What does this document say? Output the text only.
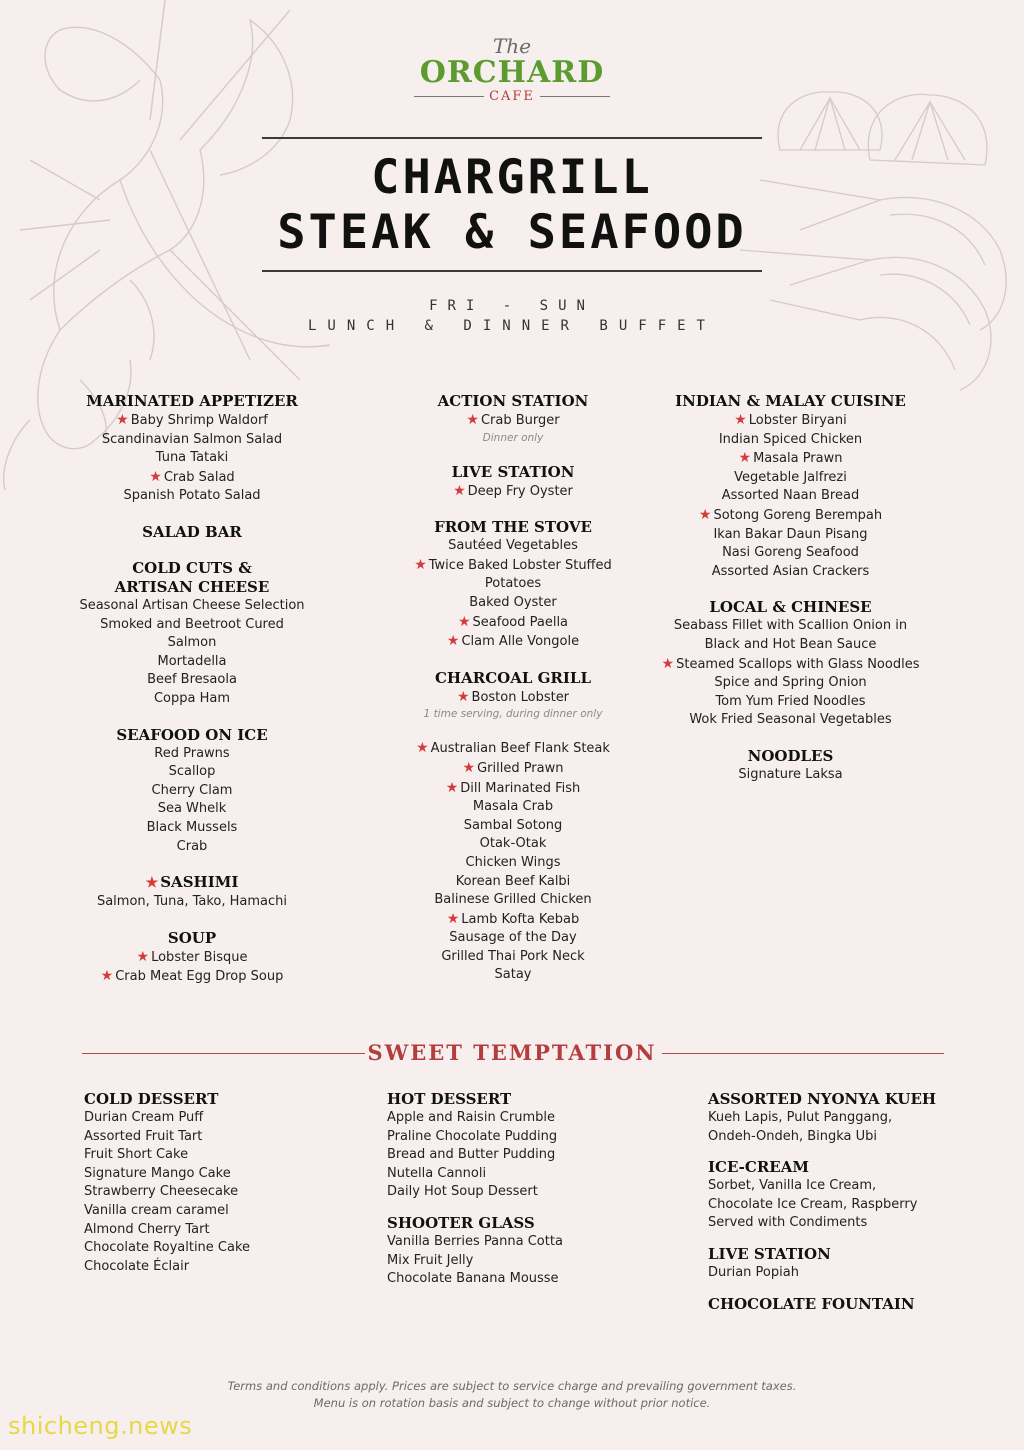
The
ORCHARD
CAFE
CHARGRILL
STEAK & SEAFOOD
FRI - SUN
LUNCH & DINNER BUFFET
MARINATED APPETIZER
★ Baby Shrimp Waldorf
Scandinavian Salmon Salad
Tuna Tataki
★ Crab Salad
Spanish Potato Salad
SALAD BAR
COLD CUTS &
ARTISAN CHEESE
Seasonal Artisan Cheese Selection
Smoked and Beetroot Cured
Salmon
Mortadella
Beef Bresaola
Coppa Ham
SEAFOOD ON ICE
Red Prawns
Scallop
Cherry Clam
Sea Whelk
Black Mussels
Crab
★ SASHIMI
Salmon, Tuna, Tako, Hamachi
SOUP
★ Lobster Bisque
★ Crab Meat Egg Drop Soup
ACTION STATION
★ Crab Burger
Dinner only
LIVE STATION
★ Deep Fry Oyster
FROM THE STOVE
Sautéed Vegetables
★ Twice Baked Lobster Stuffed
Potatoes
Baked Oyster
★ Seafood Paella
★ Clam Alle Vongole
CHARCOAL GRILL
★ Boston Lobster
1 time serving, during dinner only
★ Australian Beef Flank Steak
★ Grilled Prawn
★ Dill Marinated Fish
Masala Crab
Sambal Sotong
Otak-Otak
Chicken Wings
Korean Beef Kalbi
Balinese Grilled Chicken
★ Lamb Kofta Kebab
Sausage of the Day
Grilled Thai Pork Neck
Satay
INDIAN & MALAY CUISINE
★ Lobster Biryani
Indian Spiced Chicken
★ Masala Prawn
Vegetable Jalfrezi
Assorted Naan Bread
★ Sotong Goreng Berempah
Ikan Bakar Daun Pisang
Nasi Goreng Seafood
Assorted Asian Crackers
LOCAL & CHINESE
Seabass Fillet with Scallion Onion in
Black and Hot Bean Sauce
★ Steamed Scallops with Glass Noodles
Spice and Spring Onion
Tom Yum Fried Noodles
Wok Fried Seasonal Vegetables
NOODLES
Signature Laksa
SWEET TEMPTATION
COLD DESSERT
Durian Cream Puff
Assorted Fruit Tart
Fruit Short Cake
Signature Mango Cake
Strawberry Cheesecake
Vanilla cream caramel
Almond Cherry Tart
Chocolate Royaltine Cake
Chocolate Éclair
HOT DESSERT
Apple and Raisin Crumble
Praline Chocolate Pudding
Bread and Butter Pudding
Nutella Cannoli
Daily Hot Soup Dessert
SHOOTER GLASS
Vanilla Berries Panna Cotta
Mix Fruit Jelly
Chocolate Banana Mousse
ASSORTED NYONYA KUEH
Kueh Lapis, Pulut Panggang,
Ondeh-Ondeh, Bingka Ubi
ICE-CREAM
Sorbet, Vanilla Ice Cream,
Chocolate Ice Cream, Raspberry
Served with Condiments
LIVE STATION
Durian Popiah
CHOCOLATE FOUNTAIN
Terms and conditions apply. Prices are subject to service charge and prevailing government taxes.
Menu is on rotation basis and subject to change without prior notice.
shicheng.news
